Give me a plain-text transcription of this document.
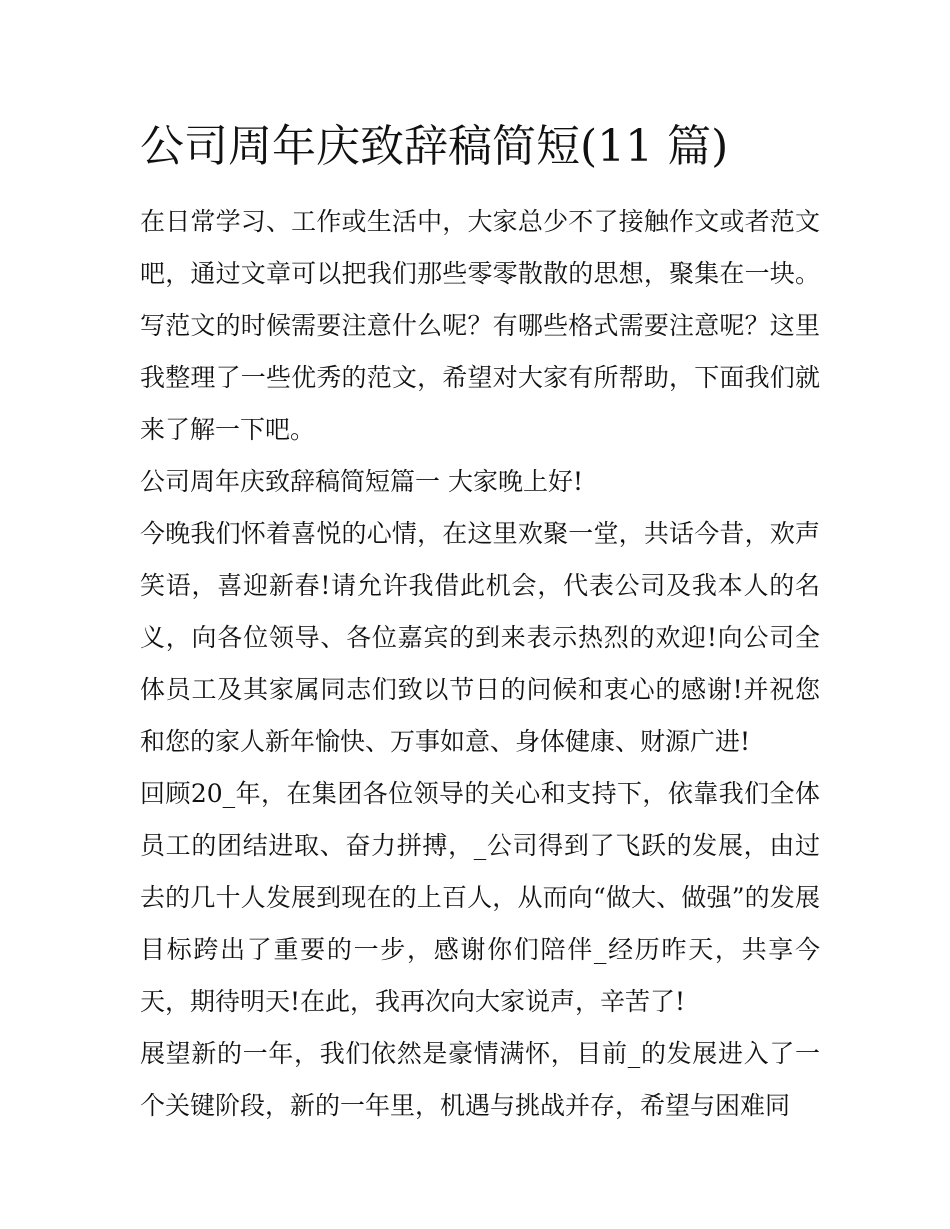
公司周年庆致辞稿简短(11 篇)

在日常学习、工作或生活中，大家总少不了接触作文或者范文吧，通过文章可以把我们那些零零散散的思想，聚集在一块。写范文的时候需要注意什么呢？有哪些格式需要注意呢？这里我整理了一些优秀的范文，希望对大家有所帮助，下面我们就来了解一下吧。

公司周年庆致辞稿简短篇一 大家晚上好!

今晚我们怀着喜悦的心情，在这里欢聚一堂，共话今昔，欢声笑语，喜迎新春!请允许我借此机会，代表公司及我本人的名义，向各位领导、各位嘉宾的到来表示热烈的欢迎!向公司全体员工及其家属同志们致以节日的问候和衷心的感谢!并祝您和您的家人新年愉快、万事如意、身体健康、财源广进!

回顾20_年，在集团各位领导的关心和支持下，依靠我们全体员工的团结进取、奋力拼搏，_公司得到了飞跃的发展，由过去的几十人发展到现在的上百人，从而向“做大、做强”的发展目标跨出了重要的一步，感谢你们陪伴_经历昨天，共享今天，期待明天!在此，我再次向大家说声，辛苦了!

展望新的一年，我们依然是豪情满怀，目前_的发展进入了一个关键阶段，新的一年里，机遇与挑战并存，希望与困难同
